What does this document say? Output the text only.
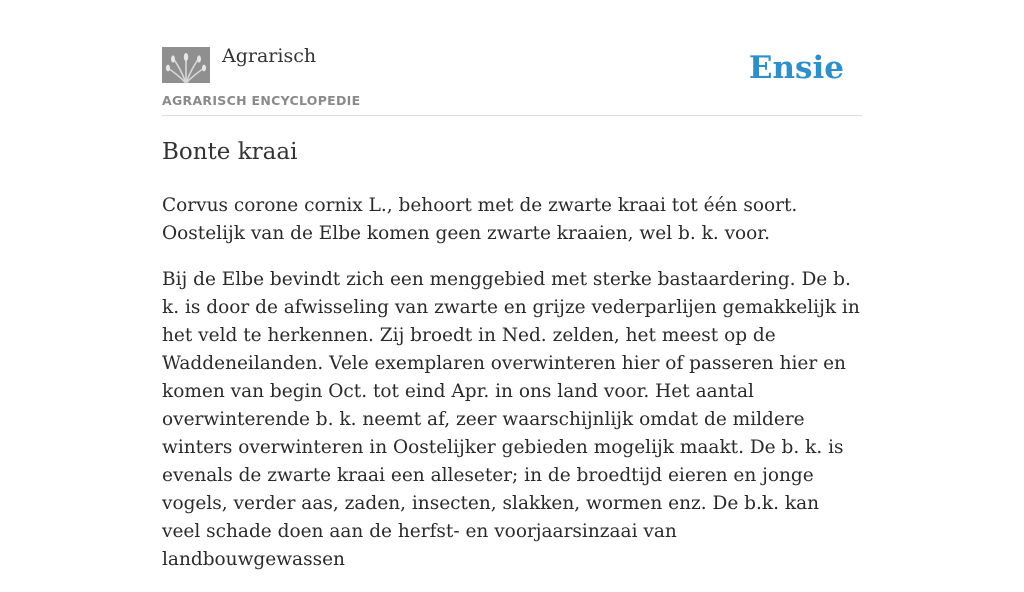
Agrarisch
AGRARISCH ENCYCLOPEDIE
Ensie
Bonte kraai

Corvus corone cornix L., behoort met de zwarte kraai tot één soort. Oostelijk van de Elbe komen geen zwarte kraaien, wel b. k. voor.

Bij de Elbe bevindt zich een menggebied met sterke bastaardering. De b. k. is door de afwisseling van zwarte en grijze vederparlijen gemakkelijk in het veld te herkennen. Zij broedt in Ned. zelden, het meest op de Waddeneilanden. Vele exemplaren overwinteren hier of passeren hier en komen van begin Oct. tot eind Apr. in ons land voor. Het aantal overwinterende b. k. neemt af, zeer waarschijnlijk omdat de mildere winters overwinteren in Oostelijker gebieden mogelijk maakt. De b. k. is evenals de zwarte kraai een alleseter; in de broedtijd eieren en jonge vogels, verder aas, zaden, insecten, slakken, wormen enz. De b.k. kan veel schade doen aan de herfst- en voorjaarsinzaai van landbouwgewassen
